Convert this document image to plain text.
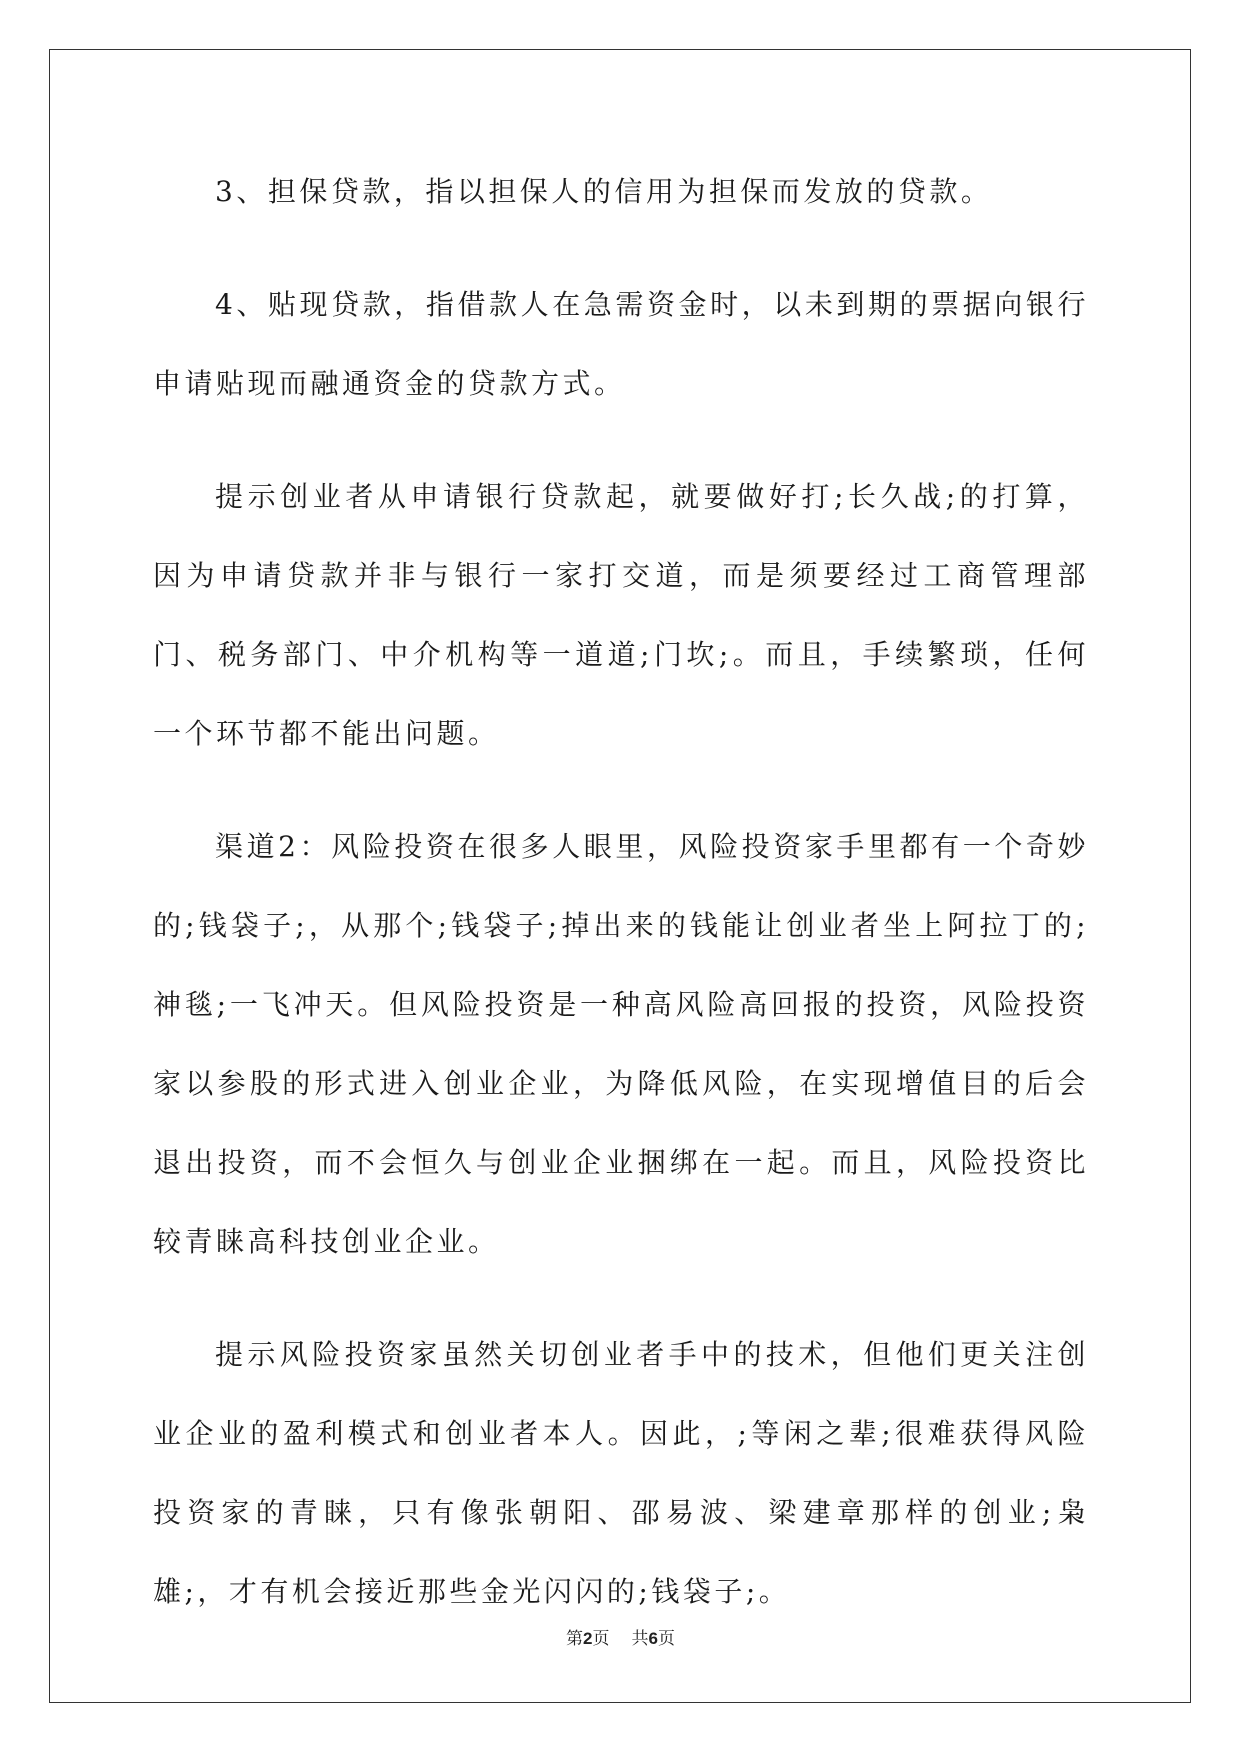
3、担保贷款，指以担保人的信用为担保而发放的贷款。

4、贴现贷款，指借款人在急需资金时，以未到期的票据向银行申请贴现而融通资金的贷款方式。

提示创业者从申请银行贷款起，就要做好打;长久战;的打算，因为申请贷款并非与银行一家打交道，而是须要经过工商管理部门、税务部门、中介机构等一道道;门坎;。而且，手续繁琐，任何一个环节都不能出问题。

渠道2：风险投资在很多人眼里，风险投资家手里都有一个奇妙的;钱袋子;，从那个;钱袋子;掉出来的钱能让创业者坐上阿拉丁的;神毯;一飞冲天。但风险投资是一种高风险高回报的投资，风险投资家以参股的形式进入创业企业，为降低风险，在实现增值目的后会退出投资，而不会恒久与创业企业捆绑在一起。而且，风险投资比较青睐高科技创业企业。

提示风险投资家虽然关切创业者手中的技术，但他们更关注创业企业的盈利模式和创业者本人。因此，;等闲之辈;很难获得风险投资家的青睐，只有像张朝阳、邵易波、梁建章那样的创业;枭雄;，才有机会接近那些金光闪闪的;钱袋子;。

第2页 共6页
